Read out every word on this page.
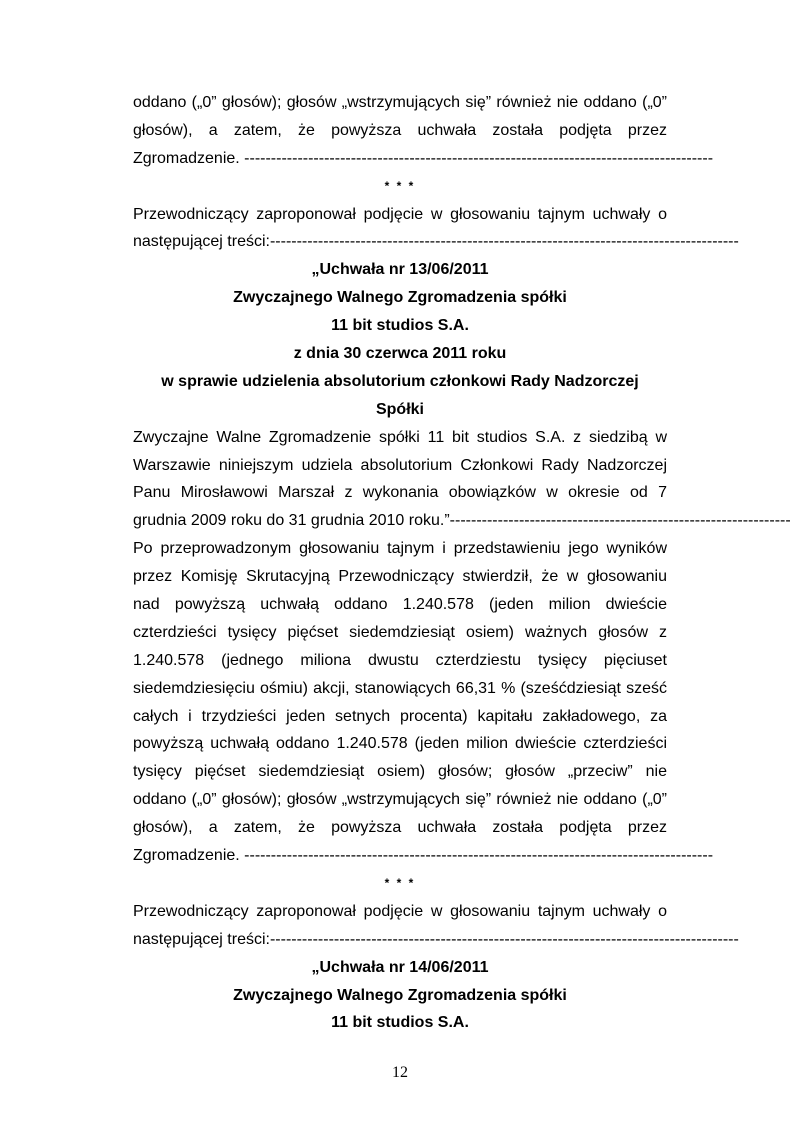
oddano („0” głosów); głosów „wstrzymujących się” również nie oddano („0”
głosów), a zatem, że powyższa uchwała została podjęta przez
Zgromadzenie. ----------------------------------------------------------------------------------------
* * *
Przewodniczący zaproponował podjęcie w głosowaniu tajnym uchwały o
następującej treści:----------------------------------------------------------------------------------------
„Uchwała nr 13/06/2011
Zwyczajnego Walnego Zgromadzenia spółki
11 bit studios S.A.
z dnia 30 czerwca 2011 roku
w sprawie udzielenia absolutorium członkowi Rady Nadzorczej
Spółki
Zwyczajne Walne Zgromadzenie spółki 11 bit studios S.A. z siedzibą w
Warszawie niniejszym udziela absolutorium Członkowi Rady Nadzorczej
Panu Mirosławowi Marszał z wykonania obowiązków w okresie od 7
grudnia 2009 roku do 31 grudnia 2010 roku.”----------------------------------------------------------------
Po przeprowadzonym głosowaniu tajnym i przedstawieniu jego wyników
przez Komisję Skrutacyjną Przewodniczący stwierdził, że w głosowaniu
nad powyższą uchwałą oddano 1.240.578 (jeden milion dwieście
czterdzieści tysięcy pięćset siedemdziesiąt osiem) ważnych głosów z
1.240.578 (jednego miliona dwustu czterdziestu tysięcy pięciuset
siedemdziesięciu ośmiu) akcji, stanowiących 66,31 % (sześćdziesiąt sześć
całych i trzydzieści jeden setnych procenta) kapitału zakładowego, za
powyższą uchwałą oddano 1.240.578 (jeden milion dwieście czterdzieści
tysięcy pięćset siedemdziesiąt osiem) głosów; głosów „przeciw” nie
oddano („0” głosów); głosów „wstrzymujących się” również nie oddano („0”
głosów), a zatem, że powyższa uchwała została podjęta przez
Zgromadzenie. ----------------------------------------------------------------------------------------
* * *
Przewodniczący zaproponował podjęcie w głosowaniu tajnym uchwały o
następującej treści:----------------------------------------------------------------------------------------
„Uchwała nr 14/06/2011
Zwyczajnego Walnego Zgromadzenia spółki
11 bit studios S.A.
12
